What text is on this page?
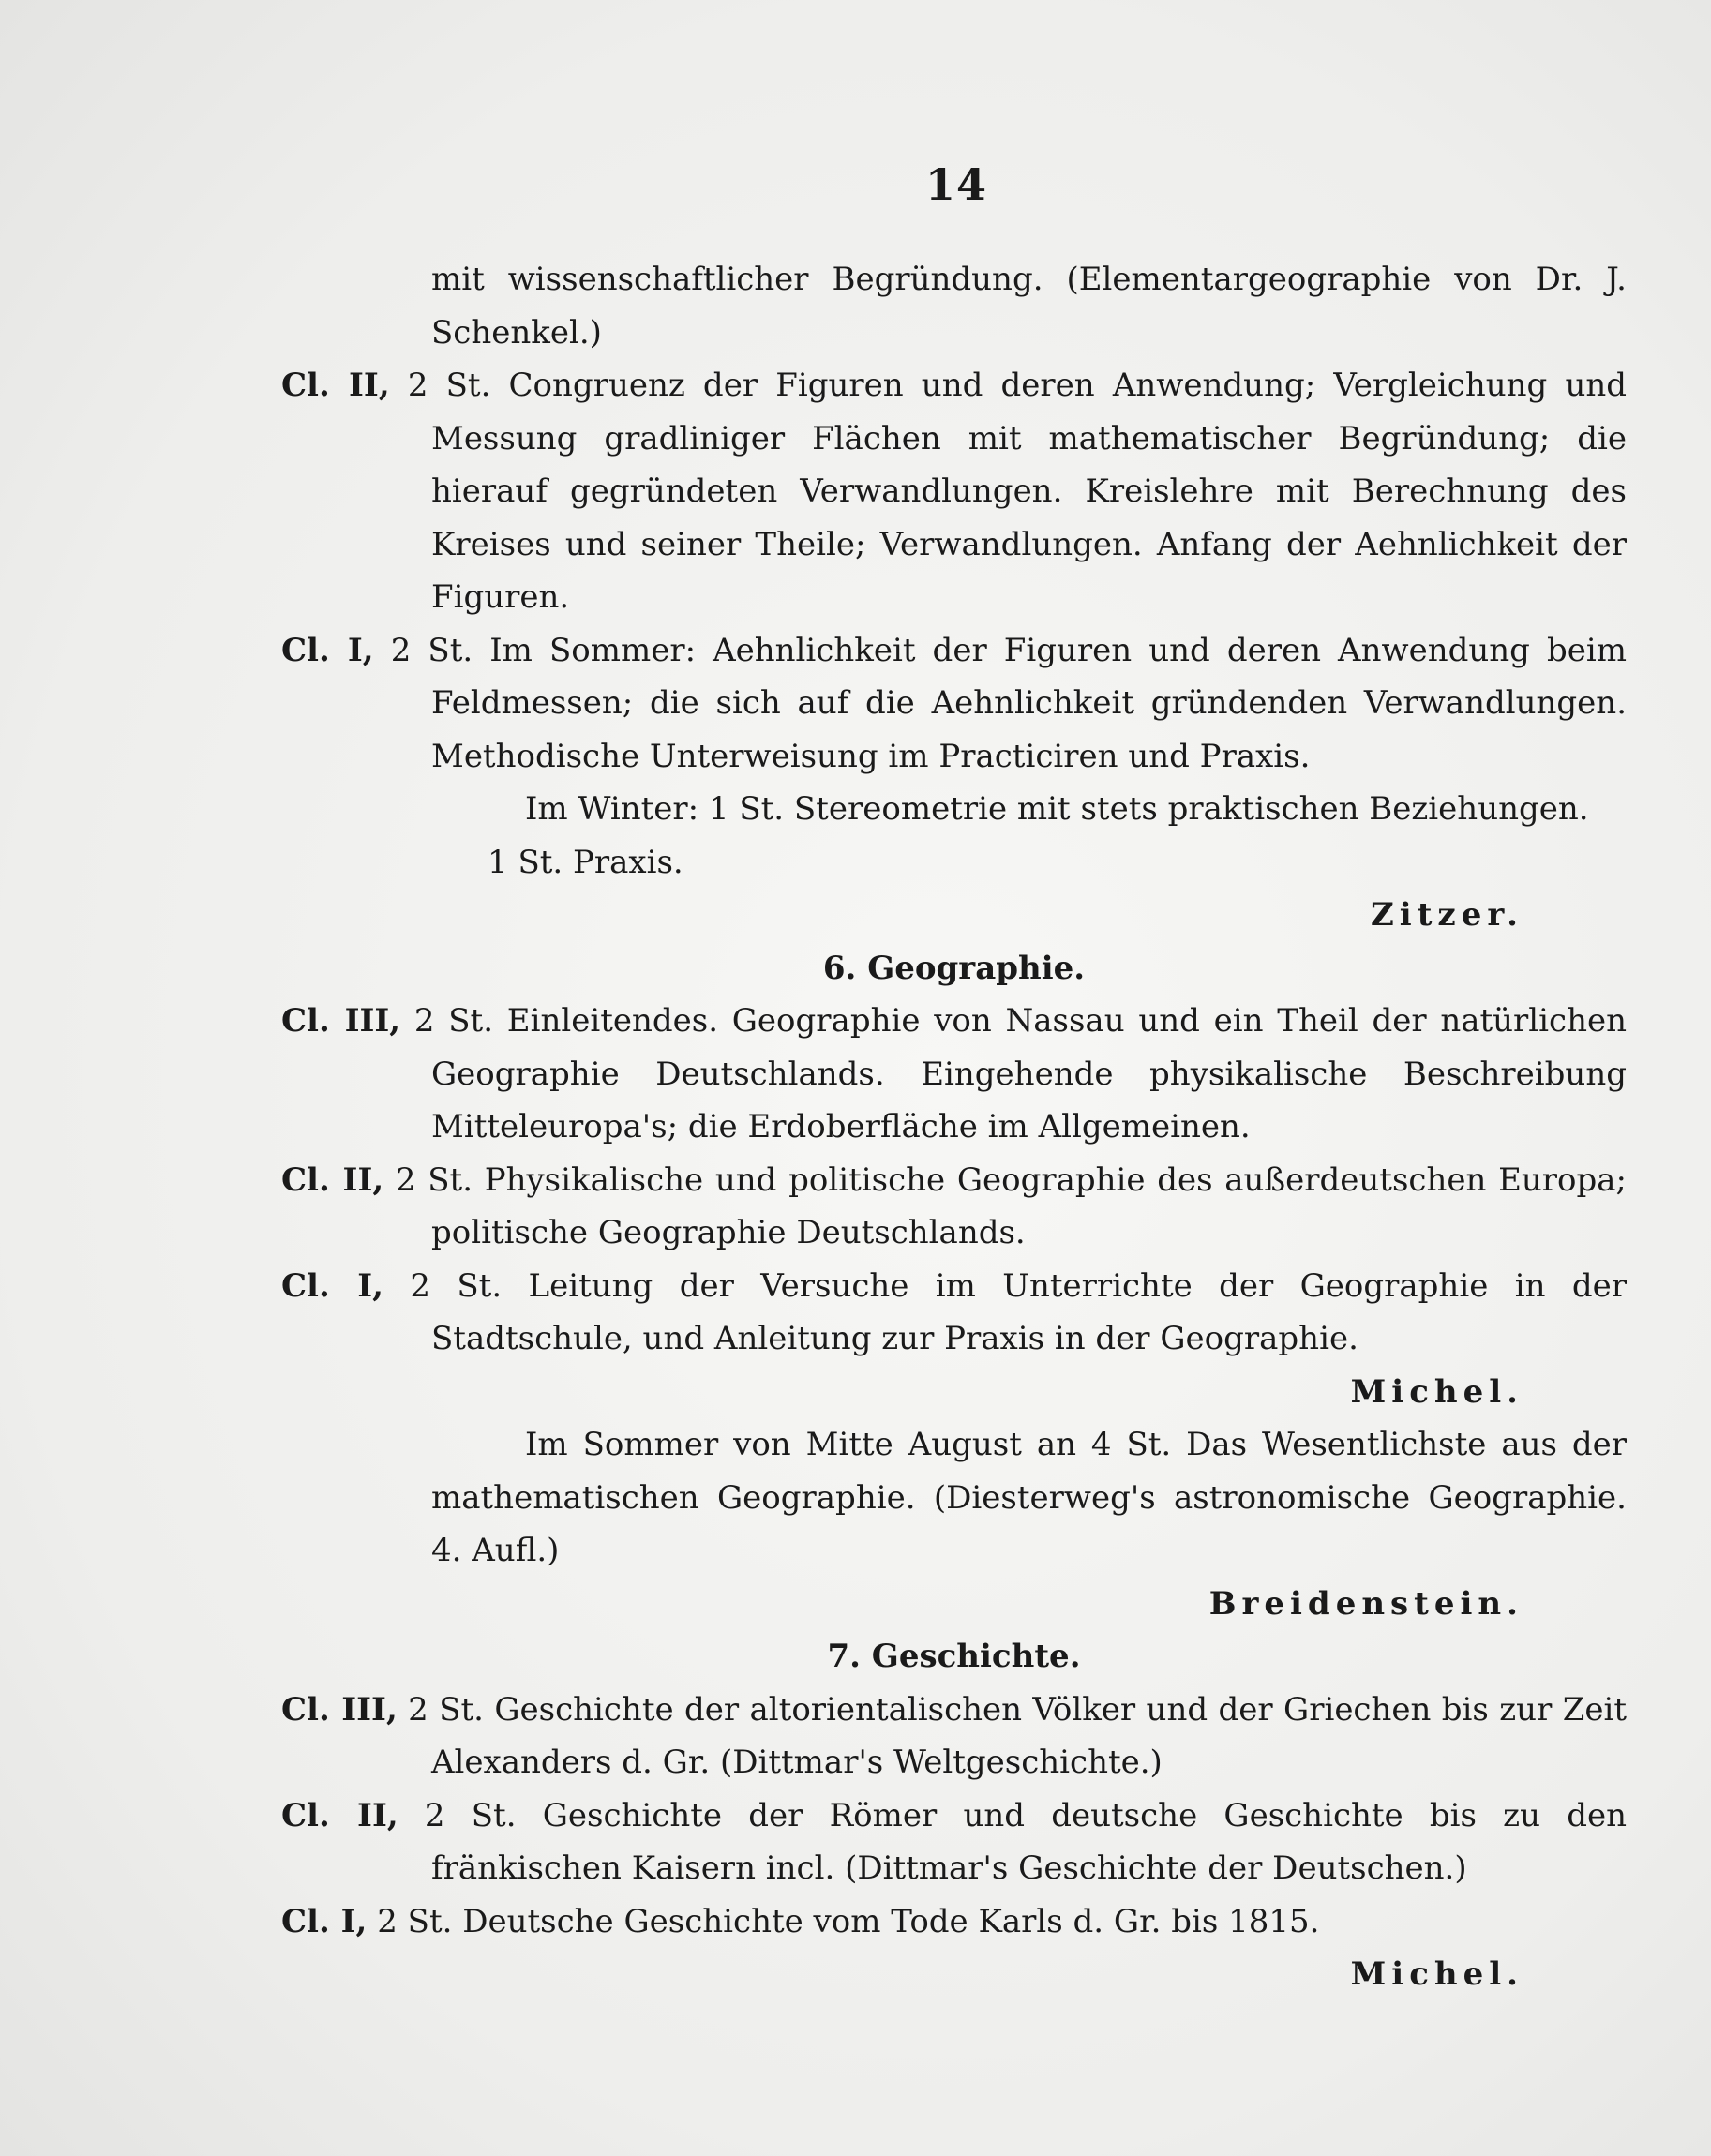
14

mit wissenschaftlicher Begründung. (Elementargeographie von Dr. J. Schenkel.)

Cl. II, 2 St. Congruenz der Figuren und deren Anwendung; Vergleichung und Messung gradliniger Flächen mit mathematischer Begründung; die hierauf gegründeten Verwandlungen. Kreislehre mit Berechnung des Kreises und seiner Theile; Verwandlungen. Anfang der Aehnlichkeit der Figuren.

Cl. I, 2 St. Im Sommer: Aehnlichkeit der Figuren und deren Anwendung beim Feldmessen; die sich auf die Aehnlichkeit gründenden Verwandlungen. Methodische Unterweisung im Practiciren und Praxis.

Im Winter: 1 St. Stereometrie mit stets praktischen Beziehungen.

1 St. Praxis.

Zitzer.

6. Geographie.

Cl. III, 2 St. Einleitendes. Geographie von Nassau und ein Theil der natürlichen Geographie Deutschlands. Eingehende physikalische Beschreibung Mitteleuropa's; die Erdoberfläche im Allgemeinen.

Cl. II, 2 St. Physikalische und politische Geographie des außerdeutschen Europa; politische Geographie Deutschlands.

Cl. I, 2 St. Leitung der Versuche im Unterrichte der Geographie in der Stadtschule, und Anleitung zur Praxis in der Geographie.

Michel.

Im Sommer von Mitte August an 4 St. Das Wesentlichste aus der mathematischen Geographie. (Diesterweg's astronomische Geographie. 4. Aufl.)

Breidenstein.

7. Geschichte.

Cl. III, 2 St. Geschichte der altorientalischen Völker und der Griechen bis zur Zeit Alexanders d. Gr. (Dittmar's Weltgeschichte.)

Cl. II, 2 St. Geschichte der Römer und deutsche Geschichte bis zu den fränkischen Kaisern incl. (Dittmar's Geschichte der Deutschen.)

Cl. I, 2 St. Deutsche Geschichte vom Tode Karls d. Gr. bis 1815.

Michel.
